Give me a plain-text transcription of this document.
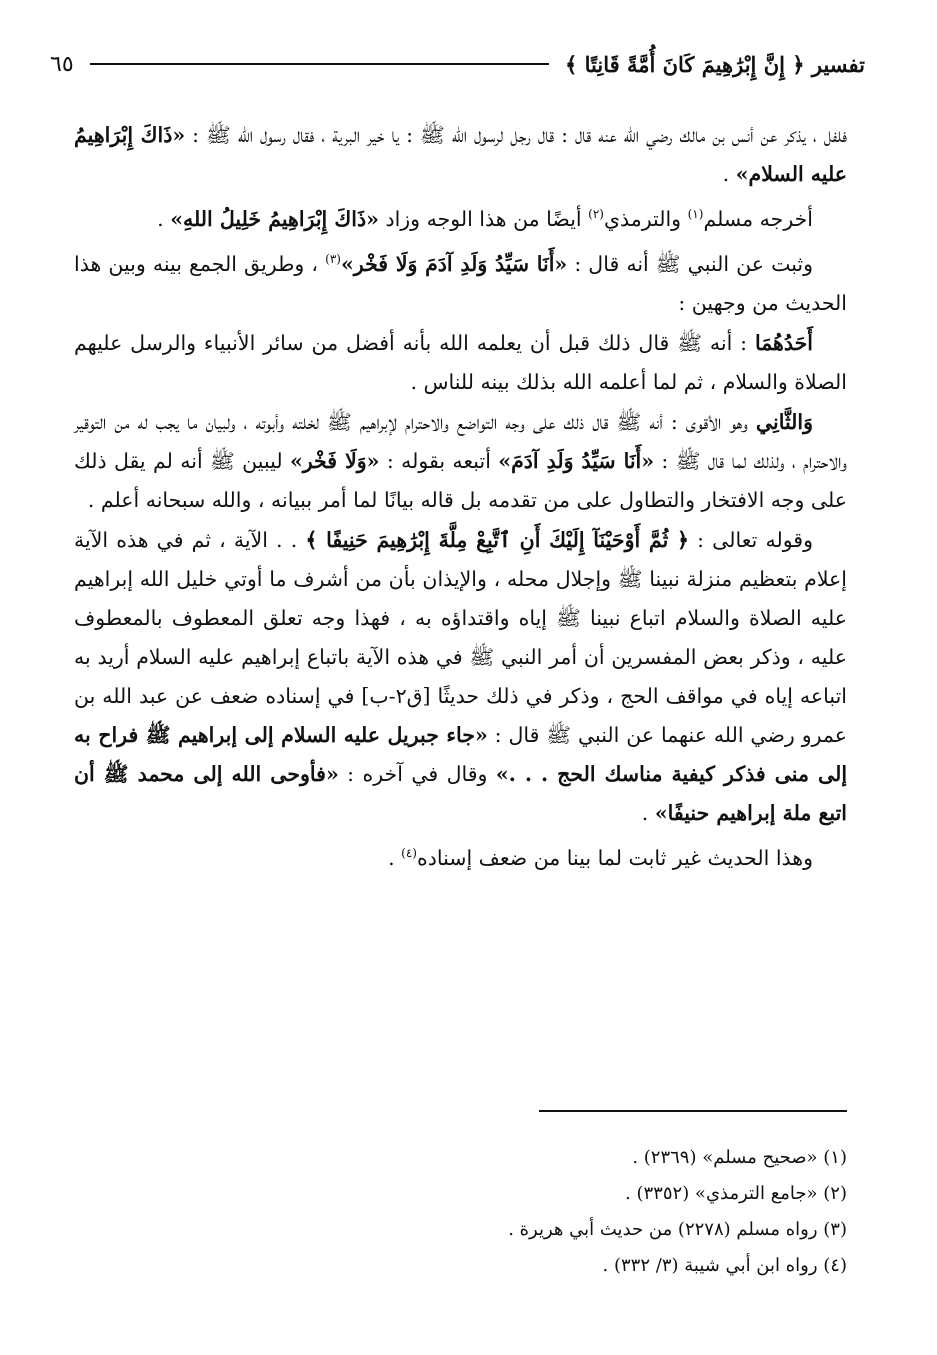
تفسير ﴿ إِنَّ إِبْرَٰهِيمَ كَانَ أُمَّةً قَانِتًا ﴾
٦٥

فلفل ، يذكر عن أنس بن مالك رضي الله عنه قال : قال رجل لرسول الله ﷺ : يا خير البرية ، فقال رسول الله ﷺ : «ذَاكَ إِبْرَاهِيمُ عليه السلام» .

أخرجه مسلم$^{(١)}$ والترمذي$^{(٢)}$ أيضًا من هذا الوجه وزاد «ذَاكَ إِبْرَاهِيمُ خَلِيلُ اللهِ» .

وثبت عن النبي ﷺ أنه قال : «أَنَا سَيِّدُ وَلَدِ آدَمَ وَلَا فَخْر»$^{(٣)}$ ، وطريق الجمع بينه وبين هذا الحديث من وجهين :

أَحَدُهُمَا : أنه ﷺ قال ذلك قبل أن يعلمه الله بأنه أفضل من سائر الأنبياء والرسل عليهم الصلاة والسلام ، ثم لما أعلمه الله بذلك بينه للناس .

وَالثَّانِي وهو الأقوى : أنه ﷺ قال ذلك على وجه التواضع والاحترام لإبراهيم ﷺ لخلته وأبوته ، ولبيان ما يجب له من التوقير والاحترام ، ولذلك لما قال ﷺ : «أَنَا سَيِّدُ وَلَدِ آدَمَ» أتبعه بقوله : «وَلَا فَخْر» ليبين ﷺ أنه لم يقل ذلك على وجه الافتخار والتطاول على من تقدمه بل قاله بيانًا لما أمر ببيانه ، والله سبحانه أعلم .

وقوله تعالى : ﴿ ثُمَّ أَوْحَيْنَآ إِلَيْكَ أَنِ ٱتَّبِعْ مِلَّةَ إِبْرَٰهِيمَ حَنِيفًا ﴾ . . الآية ، ثم في هذه الآية إعلام بتعظيم منزلة نبينا ﷺ وإجلال محله ، والإيذان بأن من أشرف ما أوتي خليل الله إبراهيم عليه الصلاة والسلام اتباع نبينا ﷺ إياه واقتداؤه به ، فهذا وجه تعلق المعطوف بالمعطوف عليه ، وذكر بعض المفسرين أن أمر النبي ﷺ في هذه الآية باتباع إبراهيم عليه السلام أريد به اتباعه إياه في مواقف الحج ، وذكر في ذلك حديثًا [ق٢-ب] في إسناده ضعف عن عبد الله بن عمرو رضي الله عنهما عن النبي ﷺ قال : «جاء جبريل عليه السلام إلى إبراهيم ﷺ فراح به إلى منى فذكر كيفية مناسك الحج . . .» وقال في آخره : «فأوحى الله إلى محمد ﷺ أن اتبع ملة إبراهيم حنيفًا» .

وهذا الحديث غير ثابت لما بينا من ضعف إسناده$^{(٤)}$ .

(١) «صحيح مسلم» (٢٣٦٩) .

(٢) «جامع الترمذي» (٣٣٥٢) .

(٣) رواه مسلم (٢٢٧٨) من حديث أبي هريرة .

(٤) رواه ابن أبي شيبة (٣/ ٣٣٢) .
